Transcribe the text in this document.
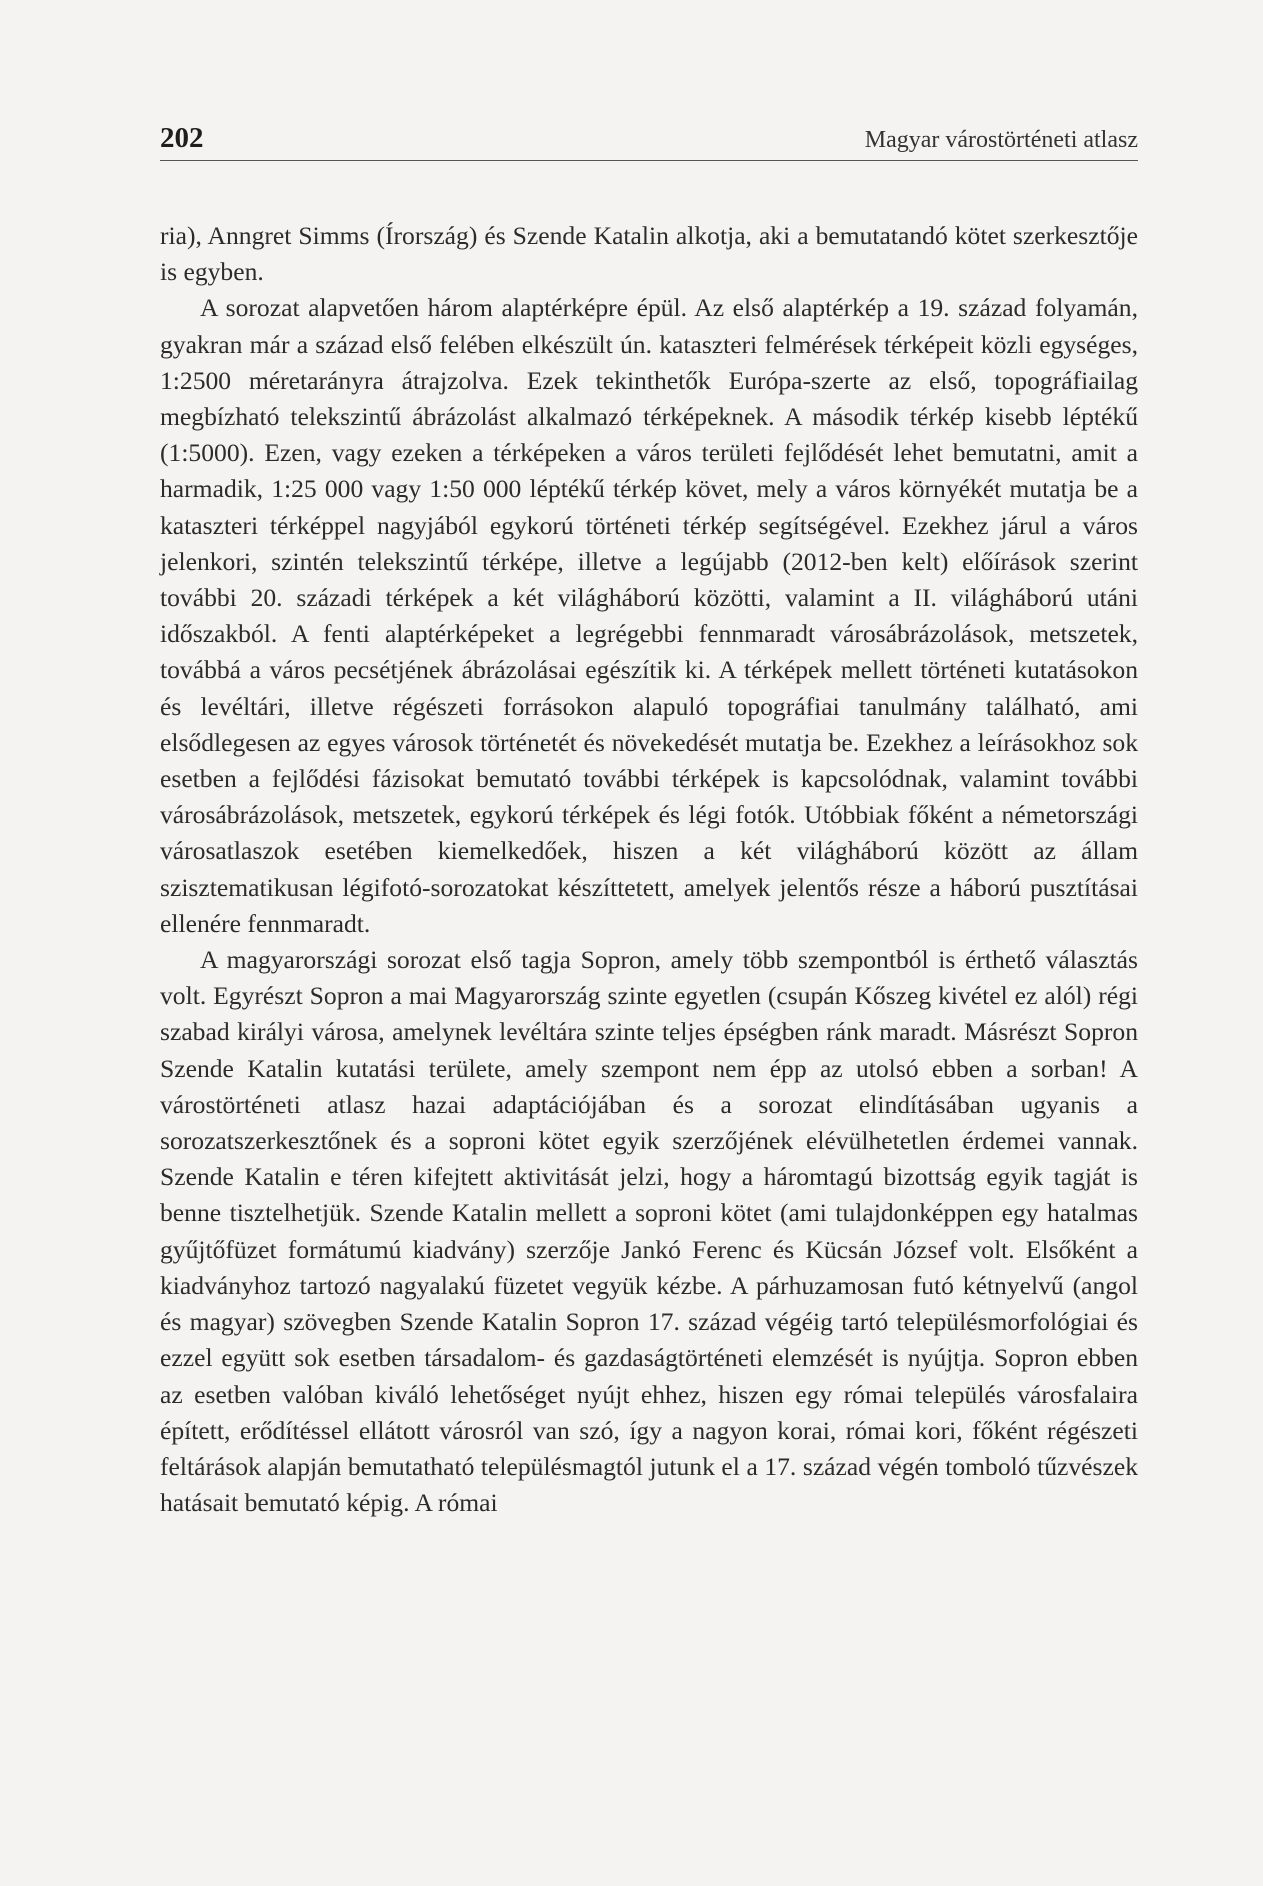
202	Magyar várostörténeti atlasz

ria), Anngret Simms (Írország) és Szende Katalin alkotja, aki a bemutatandó kötet szerkesztője is egyben.

A sorozat alapvetően három alaptérképre épül. Az első alaptérkép a 19. század folyamán, gyakran már a század első felében elkészült ún. kataszteri felmérések térképeit közli egységes, 1:2500 méretarányra átrajzolva. Ezek tekinthetők Európa-szerte az első, topográfiailag megbízható telekszintű ábrázolást alkalmazó térképeknek. A második térkép kisebb léptékű (1:5000). Ezen, vagy ezeken a térképeken a város területi fejlődését lehet bemutatni, amit a harmadik, 1:25 000 vagy 1:50 000 léptékű térkép követ, mely a város környékét mutatja be a kataszteri térképpel nagyjából egykorú történeti térkép segítségével. Ezekhez járul a város jelenkori, szintén telekszintű térképe, illetve a legújabb (2012-ben kelt) előírások szerint további 20. századi térképek a két világháború közötti, valamint a II. világháború utáni időszakból. A fenti alaptérképeket a legrégebbi fennmaradt városábrázolások, metszetek, továbbá a város pecsétjének ábrázolásai egészítik ki. A térképek mellett történeti kutatásokon és levéltári, illetve régészeti forrásokon alapuló topográfiai tanulmány található, ami elsődlegesen az egyes városok történetét és növekedését mutatja be. Ezekhez a leírásokhoz sok esetben a fejlődési fázisokat bemutató további térképek is kapcsolódnak, valamint további városábrázolások, metszetek, egykorú térképek és légi fotók. Utóbbiak főként a németországi városatlaszok esetében kiemelkedőek, hiszen a két világháború között az állam szisztematikusan légifotó-sorozatokat készíttetett, amelyek jelentős része a háború pusztításai ellenére fennmaradt.

A magyarországi sorozat első tagja Sopron, amely több szempontból is érthető választás volt. Egyrészt Sopron a mai Magyarország szinte egyetlen (csupán Kőszeg kivétel ez alól) régi szabad királyi városa, amelynek levéltára szinte teljes épségben ránk maradt. Másrészt Sopron Szende Katalin kutatási területe, amely szempont nem épp az utolsó ebben a sorban! A várostörténeti atlasz hazai adaptációjában és a sorozat elindításában ugyanis a sorozatszerkesztőnek és a soproni kötet egyik szerzőjének elévülhetetlen érdemei vannak. Szende Katalin e téren kifejtett aktivitását jelzi, hogy a háromtagú bizottság egyik tagját is benne tisztelhetjük. Szende Katalin mellett a soproni kötet (ami tulajdonképpen egy hatalmas gyűjtőfüzet formátumú kiadvány) szerzője Jankó Ferenc és Kücsán József volt. Elsőként a kiadványhoz tartozó nagyalakú füzetet vegyük kézbe. A párhuzamosan futó kétnyelvű (angol és magyar) szövegben Szende Katalin Sopron 17. század végéig tartó településmorfológiai és ezzel együtt sok esetben társadalom- és gazdaságtörténeti elemzését is nyújtja. Sopron ebben az esetben valóban kiváló lehetőséget nyújt ehhez, hiszen egy római település városfalaira épített, erődítéssel ellátott városról van szó, így a nagyon korai, római kori, főként régészeti feltárások alapján bemutatható településmagtól jutunk el a 17. század végén tomboló tűzvészek hatásait bemutató képig. A római
